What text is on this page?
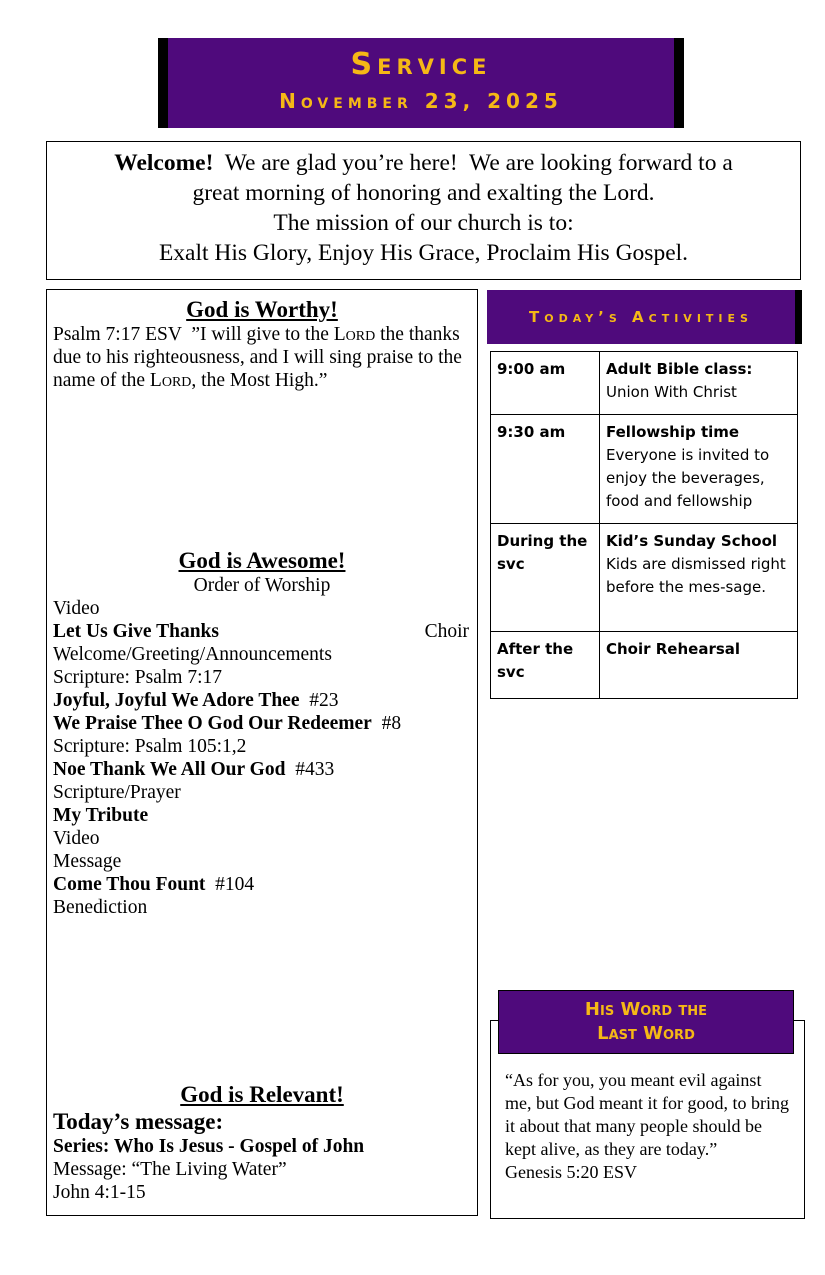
Service
November 23, 2025
Welcome!  We are glad you’re here!  We are looking forward to a
great morning of honoring and exalting the Lord.
The mission of our church is to:
Exalt His Glory, Enjoy His Grace, Proclaim His Gospel.
God is Worthy!
Psalm 7:17 ESV  ”I will give to the Lord the thanks due to his righteousness, and I will sing praise to the name of the Lord, the Most High.”
God is Awesome!
Order of Worship
Video
Let Us Give Thanks	Choir
Welcome/Greeting/Announcements
Scripture: Psalm 7:17
Joyful, Joyful We Adore Thee  #23
We Praise Thee O God Our Redeemer  #8
Scripture: Psalm 105:1,2
Noe Thank We All Our God  #433
Scripture/Prayer
My Tribute
Video
Message
Come Thou Fount  #104
Benediction
God is Relevant!
Today’s message:
Series: Who Is Jesus - Gospel of John
Message: “The Living Water”
John 4:1-15
Today’s Activities
9:00 am	Adult Bible class:
Union With Christ
9:30 am	Fellowship time
Everyone is invited to enjoy the beverages, food and fellowship
During the svc	Kid’s Sunday School
Kids are dismissed right before the mes-sage.
After the svc	Choir Rehearsal
His Word the
Last Word
“As for you, you meant evil against me, but God meant it for good, to bring it about that many people should be kept alive, as they are today.”
Genesis 5:20 ESV
